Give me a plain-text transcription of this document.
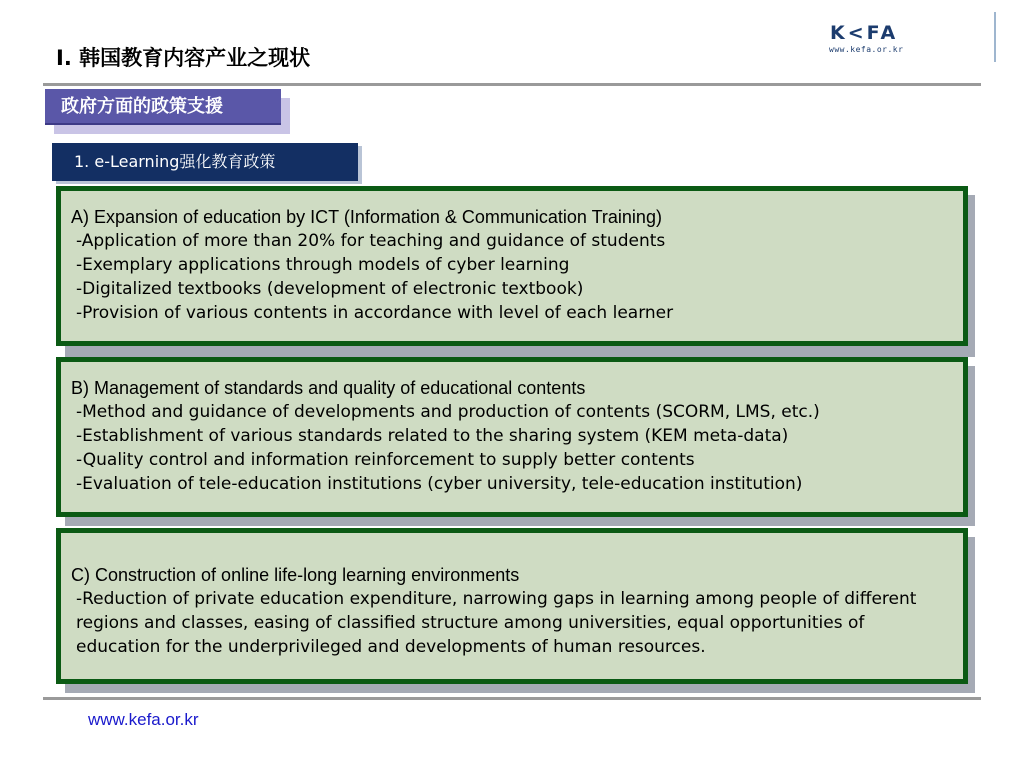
K<FA
www.kefa.or.kr
Ⅰ. 韩国教育内容产业之现状
政府方面的政策支援
1. e-Learning强化教育政策

A) Expansion of education by ICT (Information & Communication Training)

-Application of more than 20% for teaching and guidance of students

-Exemplary applications through models of cyber learning

-Digitalized textbooks (development of electronic textbook)

-Provision of various contents in accordance with level of each learner

B) Management of standards and quality of educational contents

-Method and guidance of developments and production of contents (SCORM, LMS, etc.)

-Establishment of various standards related to the sharing system (KEM meta-data)

-Quality control and information reinforcement to supply better contents

-Evaluation of tele-education institutions (cyber university, tele-education institution)

C) Construction of online life-long learning environments

-Reduction of private education expenditure, narrowing gaps in learning among people of different regions and classes, easing of classified structure among universities, equal opportunities of education for the underprivileged and developments of human resources.

www.kefa.or.kr
